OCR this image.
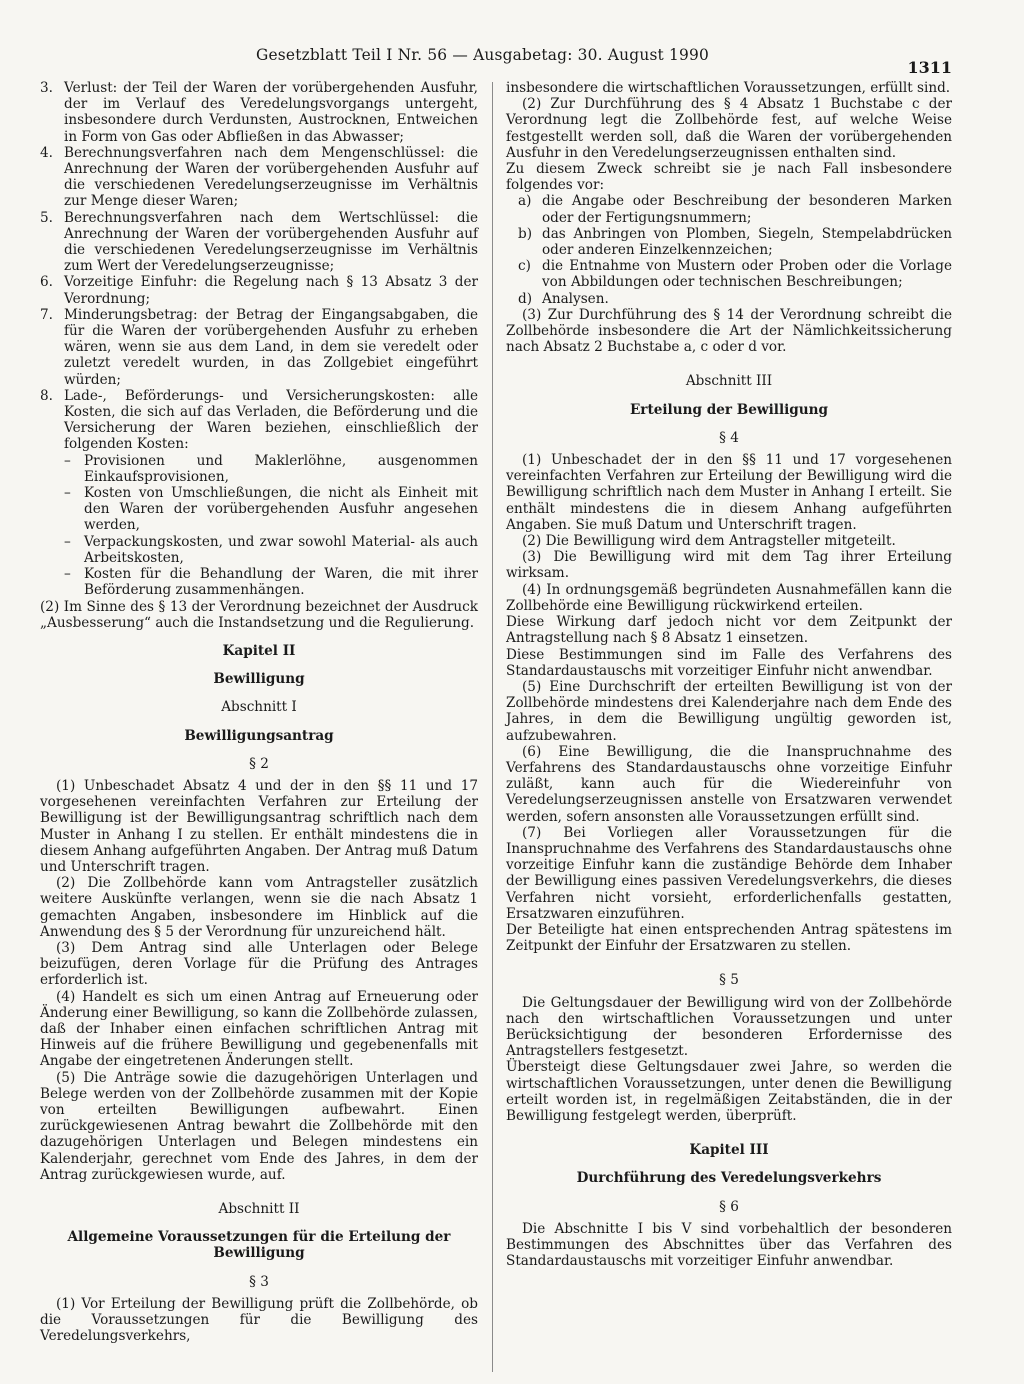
Gesetzblatt Teil I Nr. 56 — Ausgabetag: 30. August 1990
1311
3. Verlust: der Teil der Waren der vorübergehenden Ausfuhr, der im Verlauf des Veredelungsvorgangs untergeht, insbesondere durch Verdunsten, Austrocknen, Entweichen in Form von Gas oder Abfließen in das Abwasser;
4. Berechnungsverfahren nach dem Mengenschlüssel: die Anrechnung der Waren der vorübergehenden Ausfuhr auf die verschiedenen Veredelungserzeugnisse im Verhältnis zur Menge dieser Waren;
5. Berechnungsverfahren nach dem Wertschlüssel: die Anrechnung der Waren der vorübergehenden Ausfuhr auf die verschiedenen Veredelungserzeugnisse im Verhältnis zum Wert der Veredelungserzeugnisse;
6. Vorzeitige Einfuhr: die Regelung nach § 13 Absatz 3 der Verordnung;
7. Minderungsbetrag: der Betrag der Eingangsabgaben, die für die Waren der vorübergehenden Ausfuhr zu erheben wären, wenn sie aus dem Land, in dem sie veredelt oder zuletzt veredelt wurden, in das Zollgebiet eingeführt würden;
8. Lade-, Beförderungs- und Versicherungskosten: alle Kosten, die sich auf das Verladen, die Beförderung und die Versicherung der Waren beziehen, einschließlich der folgenden Kosten:
– Provisionen und Maklerlöhne, ausgenommen Einkaufsprovisionen,
– Kosten von Umschließungen, die nicht als Einheit mit den Waren der vorübergehenden Ausfuhr angesehen werden,
– Verpackungskosten, und zwar sowohl Material- als auch Arbeitskosten,
– Kosten für die Behandlung der Waren, die mit ihrer Beförderung zusammenhängen.

(2) Im Sinne des § 13 der Verordnung bezeichnet der Ausdruck „Ausbesserung“ auch die Instandsetzung und die Regulierung.

Kapitel II

Bewilligung

Abschnitt I

Bewilligungsantrag

§ 2

(1) Unbeschadet Absatz 4 und der in den §§ 11 und 17 vorgesehenen vereinfachten Verfahren zur Erteilung der Bewilligung ist der Bewilligungsantrag schriftlich nach dem Muster in Anhang I zu stellen. Er enthält mindestens die in diesem Anhang aufgeführten Angaben. Der Antrag muß Datum und Unterschrift tragen.

(2) Die Zollbehörde kann vom Antragsteller zusätzlich weitere Auskünfte verlangen, wenn sie die nach Absatz 1 gemachten Angaben, insbesondere im Hinblick auf die Anwendung des § 5 der Verordnung für unzureichend hält.

(3) Dem Antrag sind alle Unterlagen oder Belege beizufügen, deren Vorlage für die Prüfung des Antrages erforderlich ist.

(4) Handelt es sich um einen Antrag auf Erneuerung oder Änderung einer Bewilligung, so kann die Zollbehörde zulassen, daß der Inhaber einen einfachen schriftlichen Antrag mit Hinweis auf die frühere Bewilligung und gegebenenfalls mit Angabe der eingetretenen Änderungen stellt.

(5) Die Anträge sowie die dazugehörigen Unterlagen und Belege werden von der Zollbehörde zusammen mit der Kopie von erteilten Bewilligungen aufbewahrt. Einen zurückgewiesenen Antrag bewahrt die Zollbehörde mit den dazugehörigen Unterlagen und Belegen mindestens ein Kalenderjahr, gerechnet vom Ende des Jahres, in dem der Antrag zurückgewiesen wurde, auf.

Abschnitt II

Allgemeine Voraussetzungen für die Erteilung der Bewilligung

§ 3

(1) Vor Erteilung der Bewilligung prüft die Zollbehörde, ob die Voraussetzungen für die Bewilligung des Veredelungsverkehrs,

insbesondere die wirtschaftlichen Voraussetzungen, erfüllt sind.

(2) Zur Durchführung des § 4 Absatz 1 Buchstabe c der Verordnung legt die Zollbehörde fest, auf welche Weise festgestellt werden soll, daß die Waren der vorübergehenden Ausfuhr in den Veredelungserzeugnissen enthalten sind.

Zu diesem Zweck schreibt sie je nach Fall insbesondere folgendes vor:

a) die Angabe oder Beschreibung der besonderen Marken oder der Fertigungsnummern;
b) das Anbringen von Plomben, Siegeln, Stempelabdrücken oder anderen Einzelkennzeichen;
c) die Entnahme von Mustern oder Proben oder die Vorlage von Abbildungen oder technischen Beschreibungen;
d) Analysen.

(3) Zur Durchführung des § 14 der Verordnung schreibt die Zollbehörde insbesondere die Art der Nämlichkeitssicherung nach Absatz 2 Buchstabe a, c oder d vor.

Abschnitt III

Erteilung der Bewilligung

§ 4

(1) Unbeschadet der in den §§ 11 und 17 vorgesehenen vereinfachten Verfahren zur Erteilung der Bewilligung wird die Bewilligung schriftlich nach dem Muster in Anhang I erteilt. Sie enthält mindestens die in diesem Anhang aufgeführten Angaben. Sie muß Datum und Unterschrift tragen.

(2) Die Bewilligung wird dem Antragsteller mitgeteilt.

(3) Die Bewilligung wird mit dem Tag ihrer Erteilung wirksam.

(4) In ordnungsgemäß begründeten Ausnahmefällen kann die Zollbehörde eine Bewilligung rückwirkend erteilen.

Diese Wirkung darf jedoch nicht vor dem Zeitpunkt der Antragstellung nach § 8 Absatz 1 einsetzen.

Diese Bestimmungen sind im Falle des Verfahrens des Standardaustauschs mit vorzeitiger Einfuhr nicht anwendbar.

(5) Eine Durchschrift der erteilten Bewilligung ist von der Zollbehörde mindestens drei Kalenderjahre nach dem Ende des Jahres, in dem die Bewilligung ungültig geworden ist, aufzubewahren.

(6) Eine Bewilligung, die die Inanspruchnahme des Verfahrens des Standardaustauschs ohne vorzeitige Einfuhr zuläßt, kann auch für die Wiedereinfuhr von Veredelungserzeugnissen anstelle von Ersatzwaren verwendet werden, sofern ansonsten alle Voraussetzungen erfüllt sind.

(7) Bei Vorliegen aller Voraussetzungen für die Inanspruchnahme des Verfahrens des Standardaustauschs ohne vorzeitige Einfuhr kann die zuständige Behörde dem Inhaber der Bewilligung eines passiven Veredelungsverkehrs, die dieses Verfahren nicht vorsieht, erforderlichenfalls gestatten, Ersatzwaren einzuführen.

Der Beteiligte hat einen entsprechenden Antrag spätestens im Zeitpunkt der Einfuhr der Ersatzwaren zu stellen.

§ 5

Die Geltungsdauer der Bewilligung wird von der Zollbehörde nach den wirtschaftlichen Voraussetzungen und unter Berücksichtigung der besonderen Erfordernisse des Antragstellers festgesetzt.

Übersteigt diese Geltungsdauer zwei Jahre, so werden die wirtschaftlichen Voraussetzungen, unter denen die Bewilligung erteilt worden ist, in regelmäßigen Zeitabständen, die in der Bewilligung festgelegt werden, überprüft.

Kapitel III

Durchführung des Veredelungsverkehrs

§ 6

Die Abschnitte I bis V sind vorbehaltlich der besonderen Bestimmungen des Abschnittes über das Verfahren des Standardaustauschs mit vorzeitiger Einfuhr anwendbar.
